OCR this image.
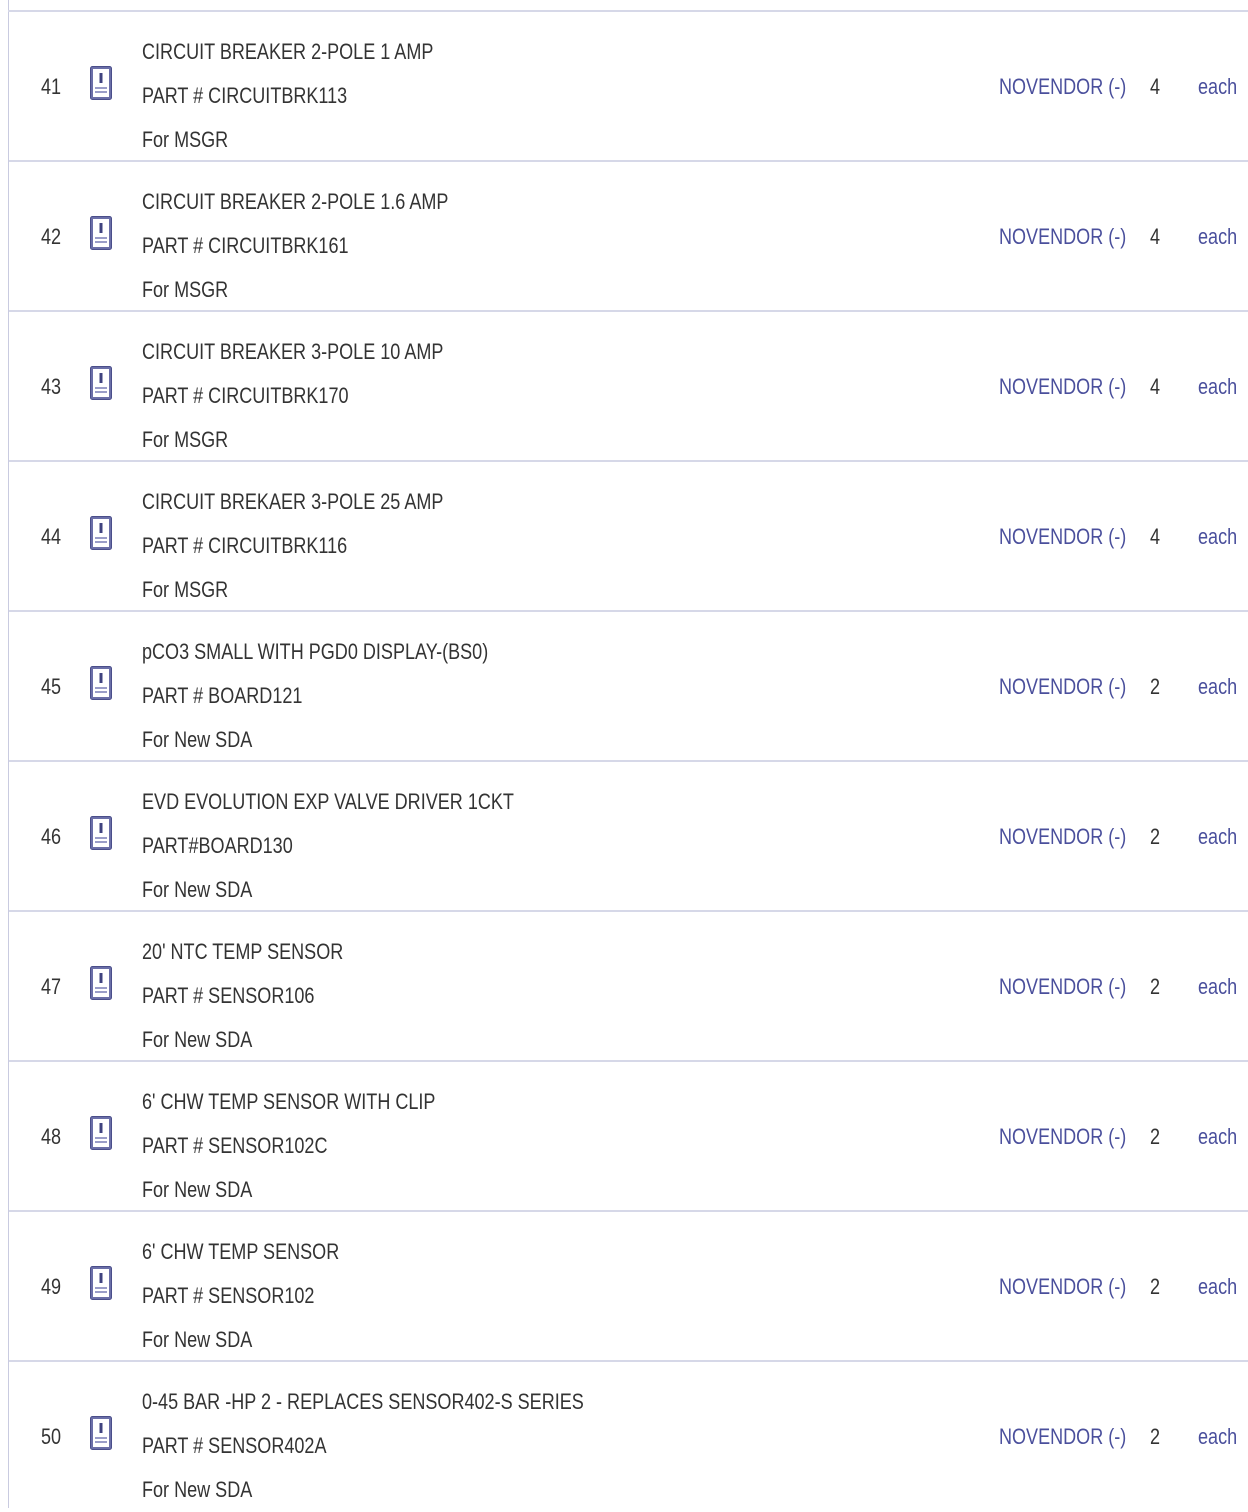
41
CIRCUIT BREAKER 2-POLE 1 AMP
PART # CIRCUITBRK113
For MSGR
NOVENDOR (-) 4 each
42
CIRCUIT BREAKER 2-POLE 1.6 AMP
PART # CIRCUITBRK161
For MSGR
NOVENDOR (-) 4 each
43
CIRCUIT BREAKER 3-POLE 10 AMP
PART # CIRCUITBRK170
For MSGR
NOVENDOR (-) 4 each
44
CIRCUIT BREKAER 3-POLE 25 AMP
PART # CIRCUITBRK116
For MSGR
NOVENDOR (-) 4 each
45
pCO3 SMALL WITH PGD0 DISPLAY-(BS0)
PART # BOARD121
For New SDA
NOVENDOR (-) 2 each
46
EVD EVOLUTION EXP VALVE DRIVER 1CKT
PART#BOARD130
For New SDA
NOVENDOR (-) 2 each
47
20' NTC TEMP SENSOR
PART # SENSOR106
For New SDA
NOVENDOR (-) 2 each
48
6' CHW TEMP SENSOR WITH CLIP
PART # SENSOR102C
For New SDA
NOVENDOR (-) 2 each
49
6' CHW TEMP SENSOR
PART # SENSOR102
For New SDA
NOVENDOR (-) 2 each
50
0-45 BAR -HP 2 - REPLACES SENSOR402-S SERIES
PART # SENSOR402A
For New SDA
NOVENDOR (-) 2 each
